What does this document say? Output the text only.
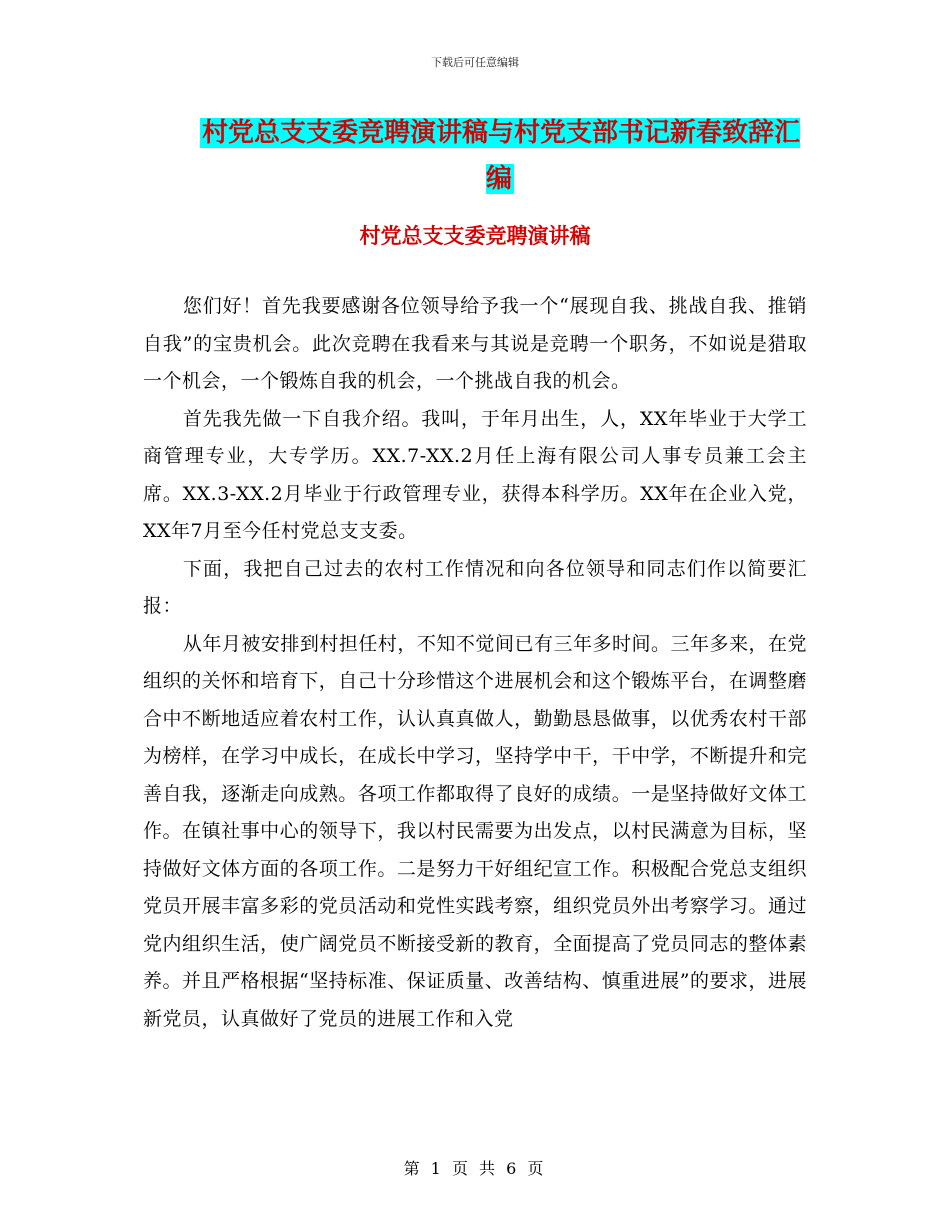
下载后可任意编辑
村党总支支委竞聘演讲稿与村党支部书记新春致辞汇编
村党总支支委竞聘演讲稿

您们好！首先我要感谢各位领导给予我一个“展现自我、挑战自我、推销自我”的宝贵机会。此次竞聘在我看来与其说是竞聘一个职务，不如说是猎取一个机会，一个锻炼自我的机会，一个挑战自我的机会。

首先我先做一下自我介绍。我叫，于年月出生，人，XX年毕业于大学工商管理专业，大专学历。XX.7-XX.2月任上海有限公司人事专员兼工会主席。XX.3-XX.2月毕业于行政管理专业，获得本科学历。XX年在企业入党，XX年7月至今任村党总支支委。

下面，我把自己过去的农村工作情况和向各位领导和同志们作以简要汇报：

从年月被安排到村担任村，不知不觉间已有三年多时间。三年多来，在党组织的关怀和培育下，自己十分珍惜这个进展机会和这个锻炼平台，在调整磨合中不断地适应着农村工作，认认真真做人，勤勤恳恳做事，以优秀农村干部为榜样，在学习中成长，在成长中学习，坚持学中干，干中学，不断提升和完善自我，逐渐走向成熟。各项工作都取得了良好的成绩。一是坚持做好文体工作。在镇社事中心的领导下，我以村民需要为出发点，以村民满意为目标，坚持做好文体方面的各项工作。二是努力干好组纪宣工作。积极配合党总支组织党员开展丰富多彩的党员活动和党性实践考察，组织党员外出考察学习。通过党内组织生活，使广阔党员不断接受新的教育，全面提高了党员同志的整体素养。并且严格根据“坚持标准、保证质量、改善结构、慎重进展”的要求，进展新党员，认真做好了党员的进展工作和入党

第 1 页 共 6 页
